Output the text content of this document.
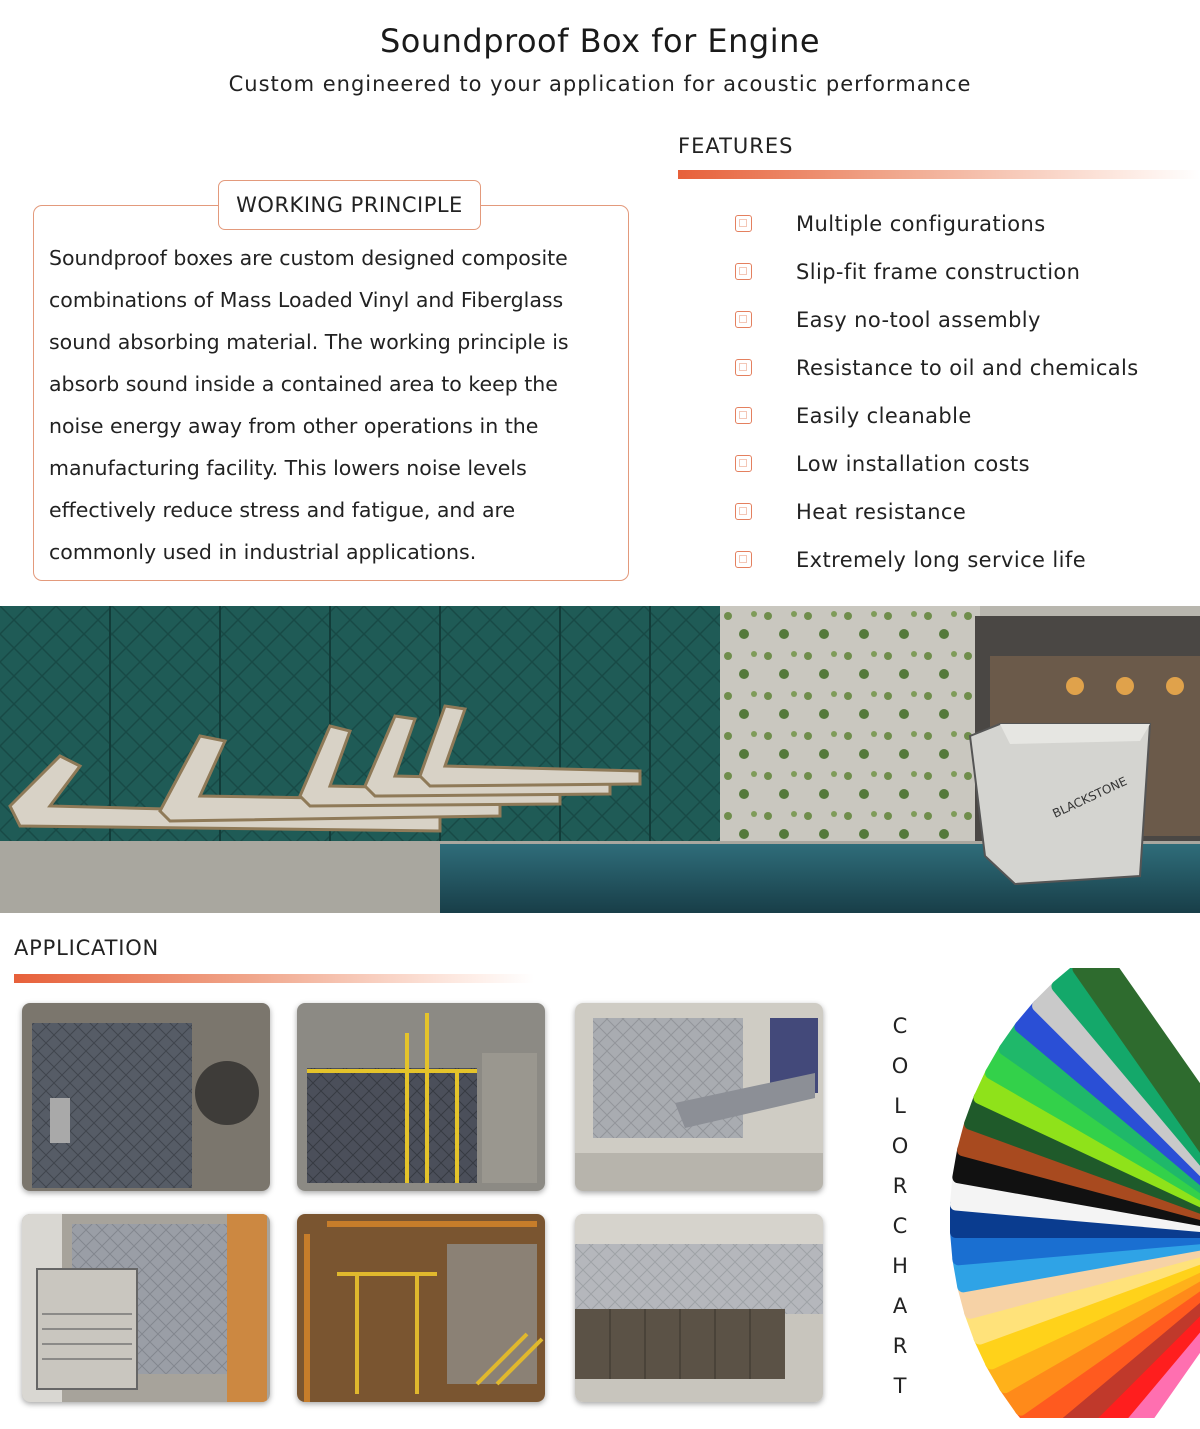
Soundproof Box for Engine
Custom engineered to your application for acoustic performance
WORKING PRINCIPLE
Soundproof boxes are custom designed composite combinations of Mass Loaded Vinyl and Fiberglass sound absorbing material. The working principle is absorb sound inside a contained area to keep the noise energy away from other operations in the manufacturing facility. This lowers noise levels effectively reduce stress and fatigue, and are commonly used in industrial applications.
FEATURES
Multiple configurations
Slip-fit frame construction
Easy no-tool assembly
Resistance to oil and chemicals
Easily cleanable
Low installation costs
Heat resistance
Extremely long service life
BLACKSTONE
APPLICATION
C
O
L
O
R
C
H
A
R
T
